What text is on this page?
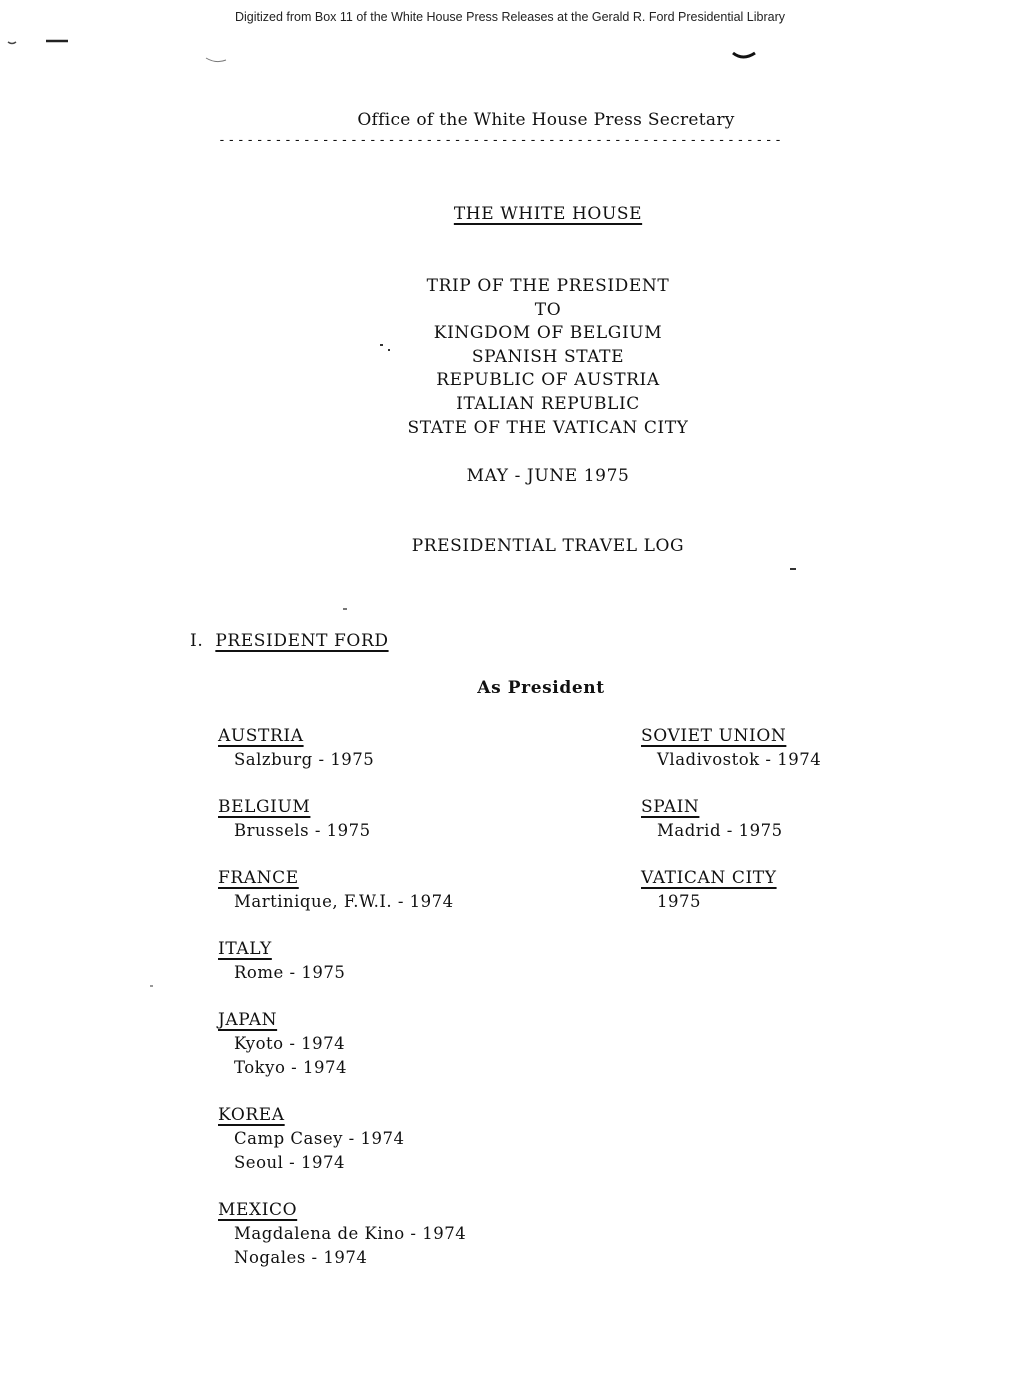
Digitized from Box 11 of the White House Press Releases at the Gerald R. Ford Presidential Library
Office of the White House Press Secretary
------------------------------------------------------------
THE WHITE HOUSE
TRIP OF THE PRESIDENT
TO
KINGDOM OF BELGIUM
SPANISH STATE
REPUBLIC OF AUSTRIA
ITALIAN REPUBLIC
STATE OF THE VATICAN CITY
MAY - JUNE 1975
PRESIDENTIAL TRAVEL LOG
I. PRESIDENT FORD
As President
AUSTRIA
Salzburg - 1975
BELGIUM
Brussels - 1975
FRANCE
Martinique, F.W.I. - 1974
ITALY
Rome - 1975
JAPAN
Kyoto - 1974
Tokyo - 1974
KOREA
Camp Casey - 1974
Seoul - 1974
MEXICO
Magdalena de Kino - 1974
Nogales - 1974
SOVIET UNION
Vladivostok - 1974
SPAIN
Madrid - 1975
VATICAN CITY
1975
